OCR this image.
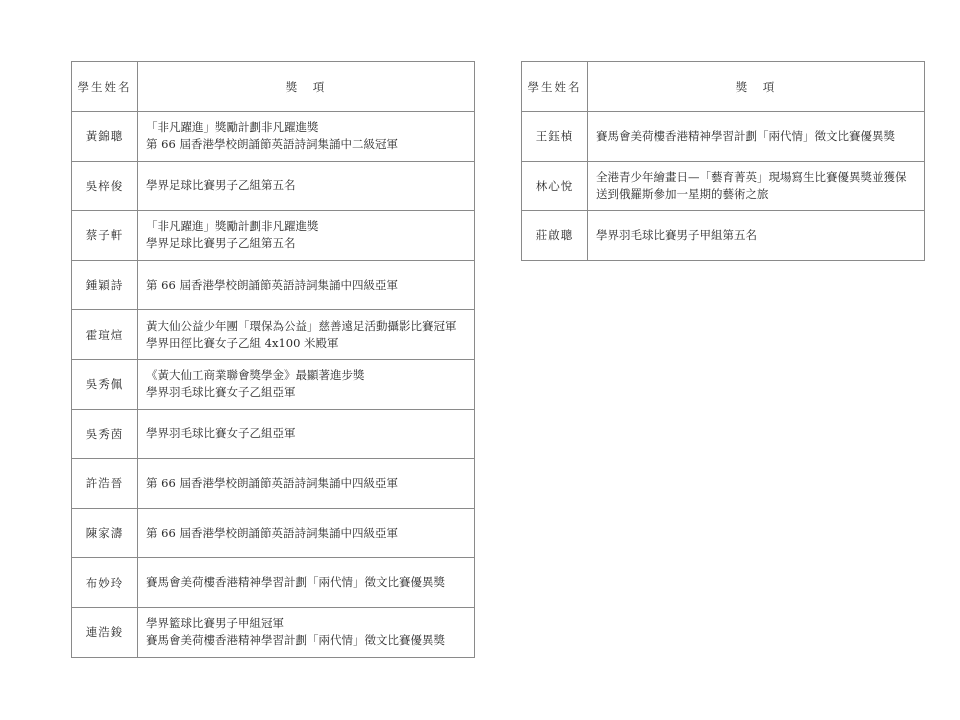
學生姓名	獎　項
黃錦聰	「非凡躍進」獎勵計劃非凡躍進獎
第 66 屆香港學校朗誦節英語詩詞集誦中二級冠軍

吳梓俊	學界足球比賽男子乙組第五名

蔡子軒	「非凡躍進」獎勵計劃非凡躍進獎
學界足球比賽男子乙組第五名

鍾穎詩	第 66 屆香港學校朗誦節英語詩詞集誦中四級亞軍

霍瑄煊	黃大仙公益少年團「環保為公益」慈善遠足活動攝影比賽冠軍
學界田徑比賽女子乙組 4x100 米殿軍

吳秀佩	《黃大仙工商業聯會獎學金》最顯著進步獎
學界羽毛球比賽女子乙組亞軍

吳秀茵	學界羽毛球比賽女子乙組亞軍

許浩晉	第 66 屆香港學校朗誦節英語詩詞集誦中四級亞軍

陳家濤	第 66 屆香港學校朗誦節英語詩詞集誦中四級亞軍

布妙玲	賽馬會美荷樓香港精神學習計劃「兩代情」徵文比賽優異獎

連浩鋑	學界籃球比賽男子甲組冠軍
賽馬會美荷樓香港精神學習計劃「兩代情」徵文比賽優異獎
學生姓名	獎　項
王鈺楨	賽馬會美荷樓香港精神學習計劃「兩代情」徵文比賽優異獎

林心悅	全港青少年繪畫日—「藝育菁英」現場寫生比賽優異獎並獲保
送到俄羅斯參加一星期的藝術之旅

莊啟聰	學界羽毛球比賽男子甲組第五名
